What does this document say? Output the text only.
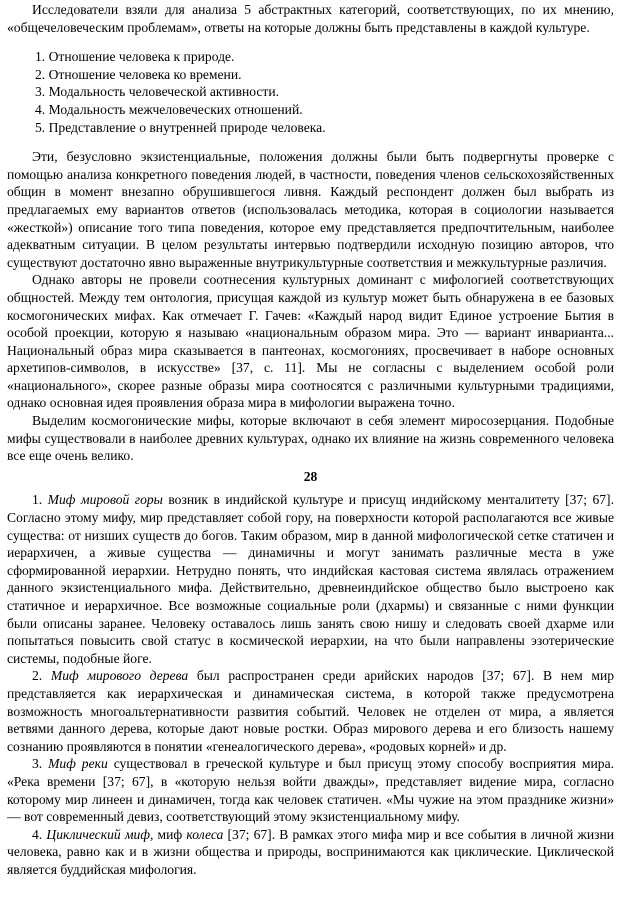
Исследователи взяли для анализа 5 абстрактных категорий, соответствующих, по их мнению, «общечеловеческим проблемам», ответы на которые должны быть представлены в каждой культуре.

1. Отношение человека к природе.
2. Отношение человека ко времени.
3. Модальность человеческой активности.
4. Модальность межчеловеческих отношений.
5. Представление о внутренней природе человека.

Эти, безусловно экзистенциальные, положения должны были быть подвергнуты проверке с помощью анализа конкретного поведения людей, в частности, поведения членов сельскохозяйственных общин в момент внезапно обрушившегося ливня. Каждый респондент должен был выбрать из предлагаемых ему вариантов ответов (использовалась методика, которая в социологии называется «жесткой») описание того типа поведения, которое ему представляется предпочтительным, наиболее адекватным ситуации. В целом результаты интервью подтвердили исходную позицию авторов, что существуют достаточно явно выраженные внутрикультурные соответствия и межкультурные различия.

Однако авторы не провели соотнесения культурных доминант с мифологией соответствующих общностей. Между тем онтология, присущая каждой из культур может быть обнаружена в ее базовых космогонических мифах. Как отмечает Г. Гачев: «Каждый народ видит Единое устроение Бытия в особой проекции, которую я называю «национальным образом мира. Это — вариант инварианта... Национальный образ мира сказывается в пантеонах, космогониях, просвечивает в наборе основных архетипов-символов, в искусстве» [37, с. 11]. Мы не согласны с выделением особой роли «национального», скорее разные образы мира соотносятся с различными культурными традициями, однако основная идея проявления образа мира в мифологии выражена точно.

Выделим космогонические мифы, которые включают в себя элемент миросозерцания. Подобные мифы существовали в наиболее древних культурах, однако их влияние на жизнь современного человека все еще очень велико.

28

1. Миф мировой горы возник в индийской культуре и присущ индийскому менталитету [37; 67]. Согласно этому мифу, мир представляет собой гору, на поверхности которой располагаются все живые существа: от низших существ до богов. Таким образом, мир в данной мифологической сетке статичен и иерархичен, а живые существа — динамичны и могут занимать различные места в уже сформированной иерархии. Нетрудно понять, что индийская кастовая система являлась отражением данного экзистенциального мифа. Действительно, древнеиндийское общество было выстроено как статичное и иерархичное. Все возможные социальные роли (дхармы) и связанные с ними функции были описаны заранее. Человеку оставалось лишь занять свою нишу и следовать своей дхарме или попытаться повысить свой статус в космической иерархии, на что были направлены эзотерические системы, подобные йоге.

2. Миф мирового дерева был распространен среди арийских народов [37; 67]. В нем мир представляется как иерархическая и динамическая система, в которой также предусмотрена возможность многоальтернативности развития событий. Человек не отделен от мира, а является ветвями данного дерева, которые дают новые ростки. Образ мирового дерева и его близость нашему сознанию проявляются в понятии «генеалогического дерева», «родовых корней» и др.

3. Миф реки существовал в греческой культуре и был присущ этому способу восприятия мира. «Река времени [37; 67], в «которую нельзя войти дважды», представляет видение мира, согласно которому мир линеен и динамичен, тогда как человек статичен. «Мы чужие на этом празднике жизни» — вот современный девиз, соответствующий этому экзистенциальному мифу.

4. Циклический миф, миф колеса [37; 67]. В рамках этого мифа мир и все события в личной жизни человека, равно как и в жизни общества и природы, воспринимаются как циклические. Циклической является буддийская мифология.
